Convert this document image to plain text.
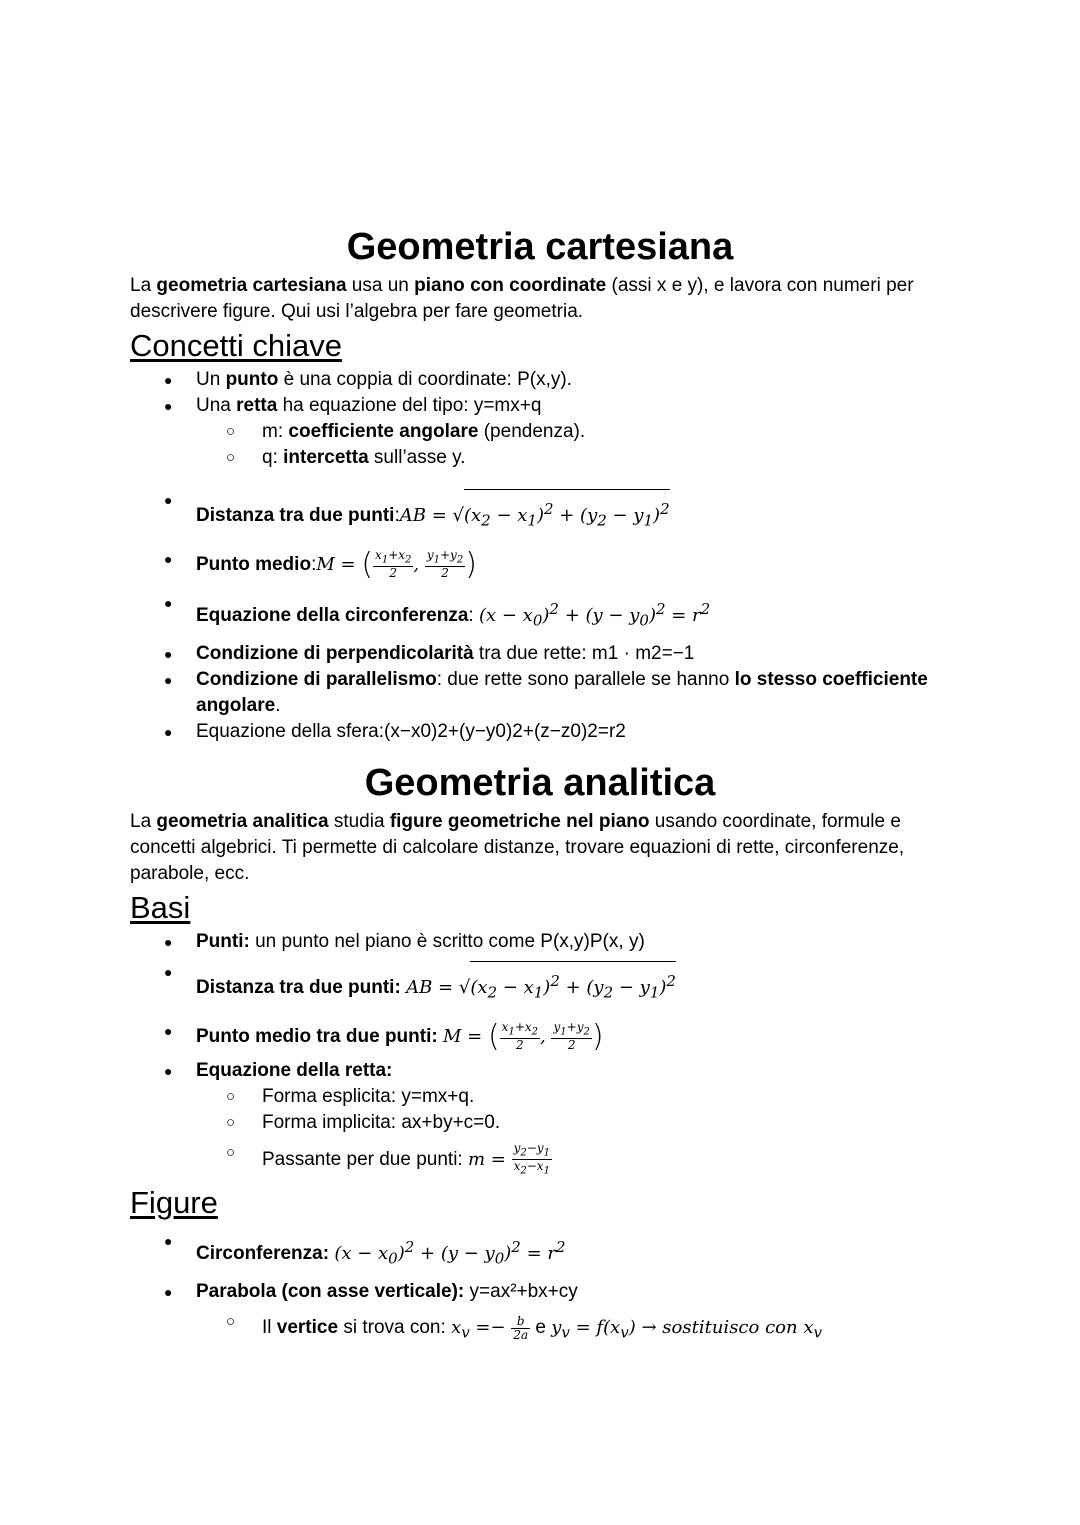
Geometria cartesiana

La geometria cartesiana usa un piano con coordinate (assi x e y), e lavora con numeri per descrivere figure. Qui usi l’algebra per fare geometria.

Concetti chiave
● Un punto è una coppia di coordinate: P(x,y).
● Una retta ha equazione del tipo: y=mx+q
○ m: coefficiente angolare (pendenza).
○ q: intercetta sull’asse y.
● Distanza tra due punti:AB = $√(x_2 - x_1)^2 + (y_2 - y_1)^2$
● Punto medio:M = ( $\frac{x_1+x_2}{2}$ , $\frac{y_1+y_2}{2}$ )
● Equazione della circonferenza: $(x - x_0)^2 + (y - y_0)^2 = r^2$
● Condizione di perpendicolarità tra due rette: m1 · m2=−1
● Condizione di parallelismo: due rette sono parallele se hanno lo stesso coefficiente angolare.
● Equazione della sfera:(x−x0)2+(y−y0)2+(z−z0)2=r2
Geometria analitica

La geometria analitica studia figure geometriche nel piano usando coordinate, formule e concetti algebrici. Ti permette di calcolare distanze, trovare equazioni di rette, circonferenze, parabole, ecc.

Basi
● Punti: un punto nel piano è scritto come P(x,y)P(x, y)
● Distanza tra due punti: AB = $√(x_2 - x_1)^2 + (y_2 - y_1)^2$
● Punto medio tra due punti: M = ( $\frac{x_1+x_2}{2}$ , $\frac{y_1+y_2}{2}$ )
● Equazione della retta:
○ Forma esplicita: y=mx+q.
○ Forma implicita: ax+by+c=0.
○ Passante per due punti: $m = \frac{y_2-y_1}{x_2-x_1}$
Figure
● Circonferenza: $(x - x_0)^2 + (y - y_0)^2 = r^2$
● Parabola (con asse verticale): y=ax²+bx+cy
○ Il vertice si trova con: $x_v =- \frac{b}{2a}$ e $y_v = f(x_v)$ → sostituisco con $x_v$
